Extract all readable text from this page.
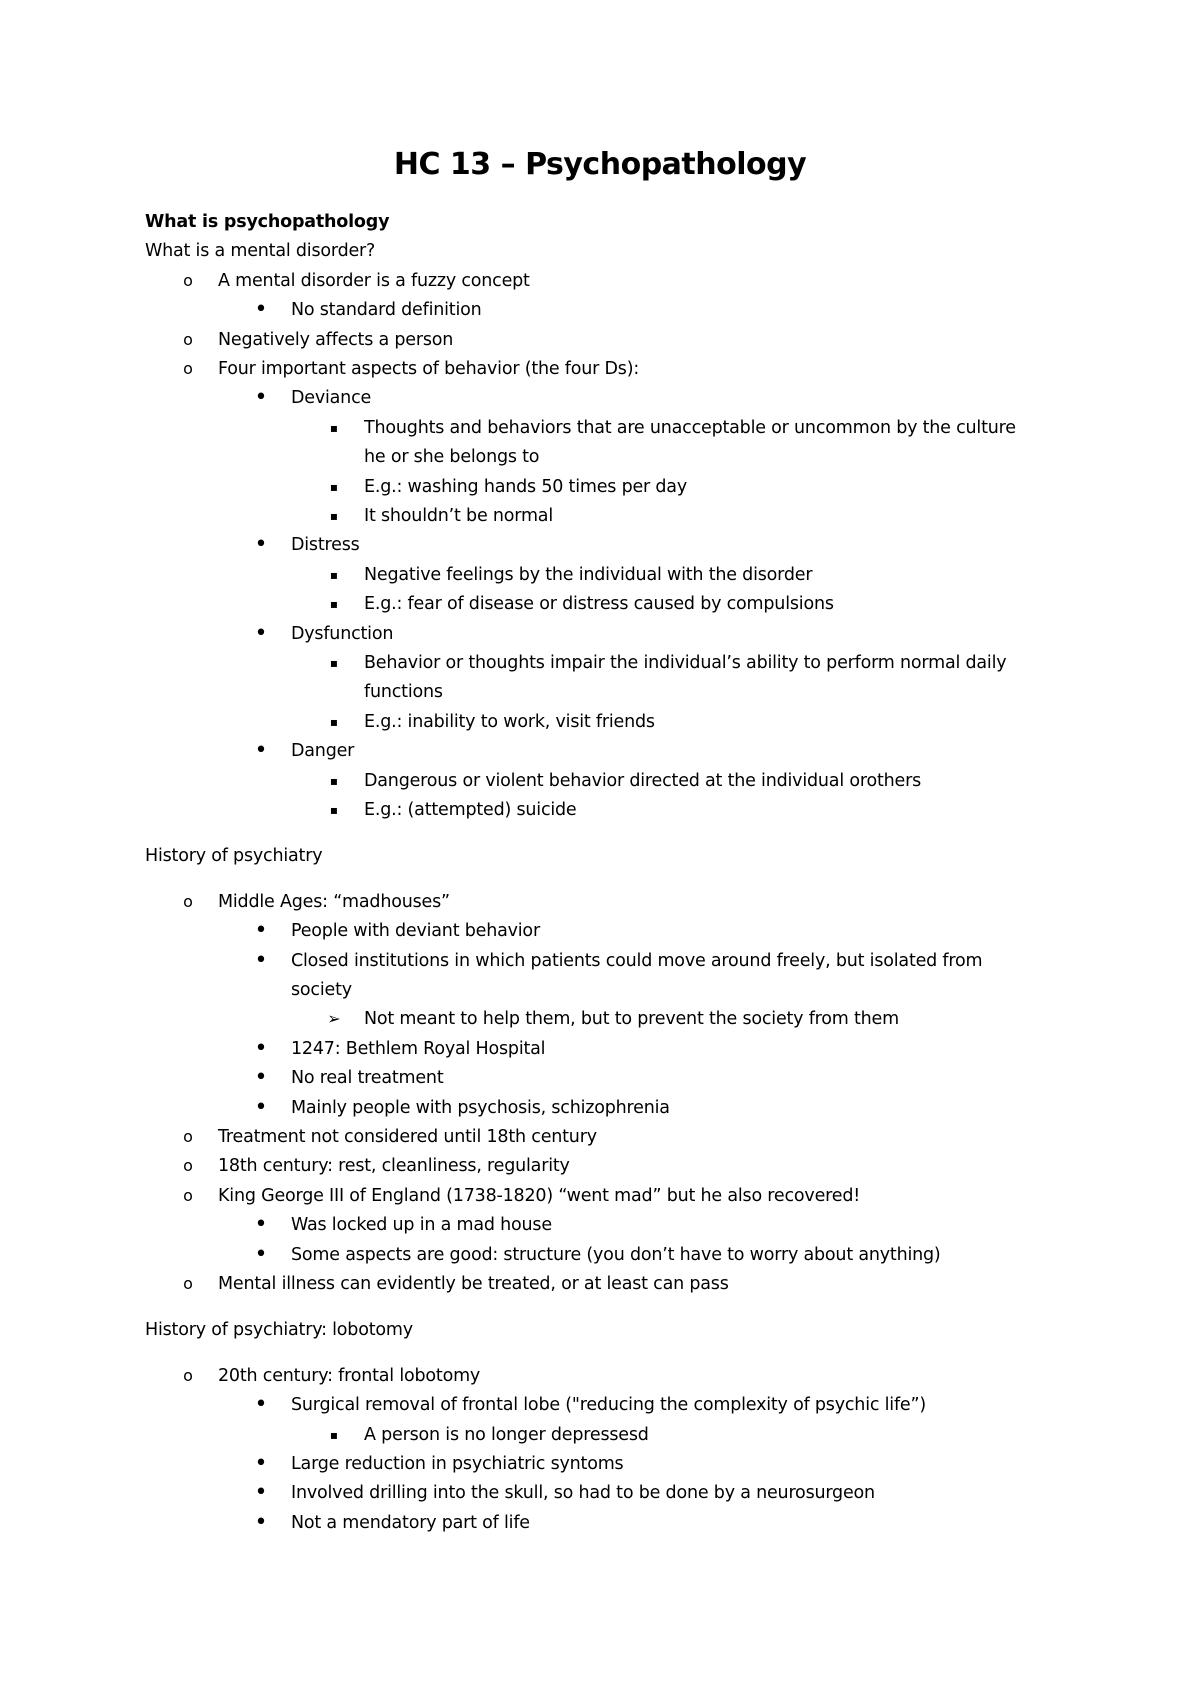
HC 13 – Psychopathology
What is psychopathology
What is a mental disorder?
o A mental disorder is a fuzzy concept
• No standard definition
o Negatively affects a person
o Four important aspects of behavior (the four Ds):
• Deviance
▪	Thoughts and behaviors that are unacceptable or uncommon by the culture
he or she belongs to
▪	E.g.: washing hands 50 times per day
▪	It shouldn’t be normal
• Distress
▪	Negative feelings by the individual with the disorder
▪	E.g.: fear of disease or distress caused by compulsions
• Dysfunction
▪	Behavior or thoughts impair the individual’s ability to perform normal daily
functions
▪	E.g.: inability to work, visit friends
• Danger
▪	Dangerous or violent behavior directed at the individual orothers
▪	E.g.: (attempted) suicide
History of psychiatry
o Middle Ages: “madhouses”
• People with deviant behavior
• Closed institutions in which patients could move around freely, but isolated from
society
➢ Not meant to help them, but to prevent the society from them
• 1247: Bethlem Royal Hospital
• No real treatment
• Mainly people with psychosis, schizophrenia
o Treatment not considered until 18th century
o 18th century: rest, cleanliness, regularity
o King George III of England (1738-1820) “went mad” but he also recovered!
• Was locked up in a mad house
• Some aspects are good: structure (you don’t have to worry about anything)
o Mental illness can evidently be treated, or at least can pass
History of psychiatry: lobotomy
o 20th century: frontal lobotomy
• Surgical removal of frontal lobe ("reducing the complexity of psychic life”)
▪	A person is no longer depressesd
• Large reduction in psychiatric syntoms
• Involved drilling into the skull, so had to be done by a neurosurgeon
• Not a mendatory part of life
